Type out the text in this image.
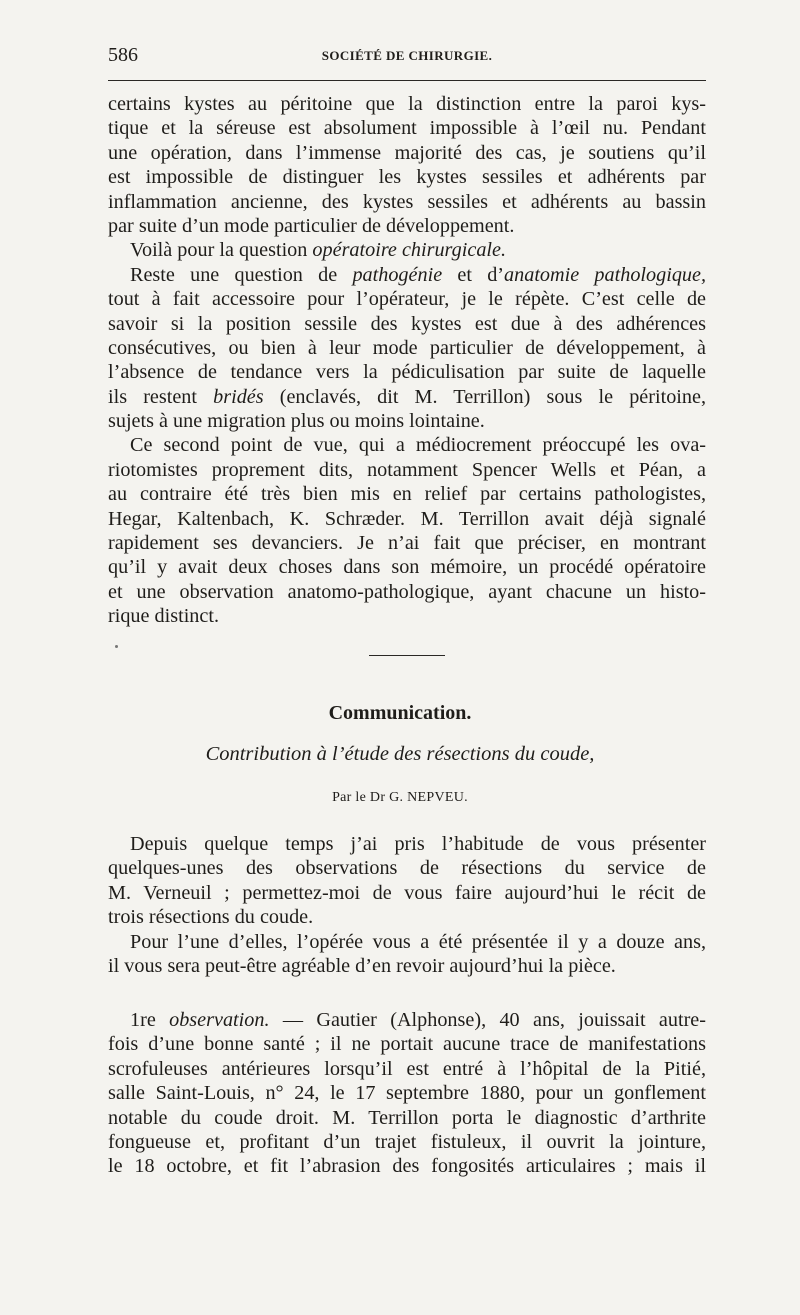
586	SOCIÉTÉ DE CHIRURGIE.
certains kystes au péritoine que la distinction entre la paroi kys-
tique et la séreuse est absolument impossible à l’œil nu. Pendant
une opération, dans l’immense majorité des cas, je soutiens qu’il
est impossible de distinguer les kystes sessiles et adhérents par
inflammation ancienne, des kystes sessiles et adhérents au bassin
par suite d’un mode particulier de développement.
Voilà pour la question opératoire chirurgicale.
Reste une question de pathogénie et d’anatomie pathologique,
tout à fait accessoire pour l’opérateur, je le répète. C’est celle de
savoir si la position sessile des kystes est due à des adhérences
consécutives, ou bien à leur mode particulier de développement, à
l’absence de tendance vers la pédiculisation par suite de laquelle
ils restent bridés (enclavés, dit M. Terrillon) sous le péritoine,
sujets à une migration plus ou moins lointaine.
Ce second point de vue, qui a médiocrement préoccupé les ova-
riotomistes proprement dits, notamment Spencer Wells et Péan, a
au contraire été très bien mis en relief par certains pathologistes,
Hegar, Kaltenbach, K. Schræder. M. Terrillon avait déjà signalé
rapidement ses devanciers. Je n’ai fait que préciser, en montrant
qu’il y avait deux choses dans son mémoire, un procédé opératoire
et une observation anatomo-pathologique, ayant chacune un histo-
rique distinct.
Communication.
Contribution à l’étude des résections du coude,
Par le Dr G. NEPVEU.
Depuis quelque temps j’ai pris l’habitude de vous présenter
quelques-unes des observations de résections du service de
M. Verneuil ; permettez-moi de vous faire aujourd’hui le récit de
trois résections du coude.
Pour l’une d’elles, l’opérée vous a été présentée il y a douze ans,
il vous sera peut-être agréable d’en revoir aujourd’hui la pièce.
1re observation. — Gautier (Alphonse), 40 ans, jouissait autre-
fois d’une bonne santé ; il ne portait aucune trace de manifestations
scrofuleuses antérieures lorsqu’il est entré à l’hôpital de la Pitié,
salle Saint-Louis, n° 24, le 17 septembre 1880, pour un gonflement
notable du coude droit. M. Terrillon porta le diagnostic d’arthrite
fongueuse et, profitant d’un trajet fistuleux, il ouvrit la jointure,
le 18 octobre, et fit l’abrasion des fongosités articulaires ; mais il
